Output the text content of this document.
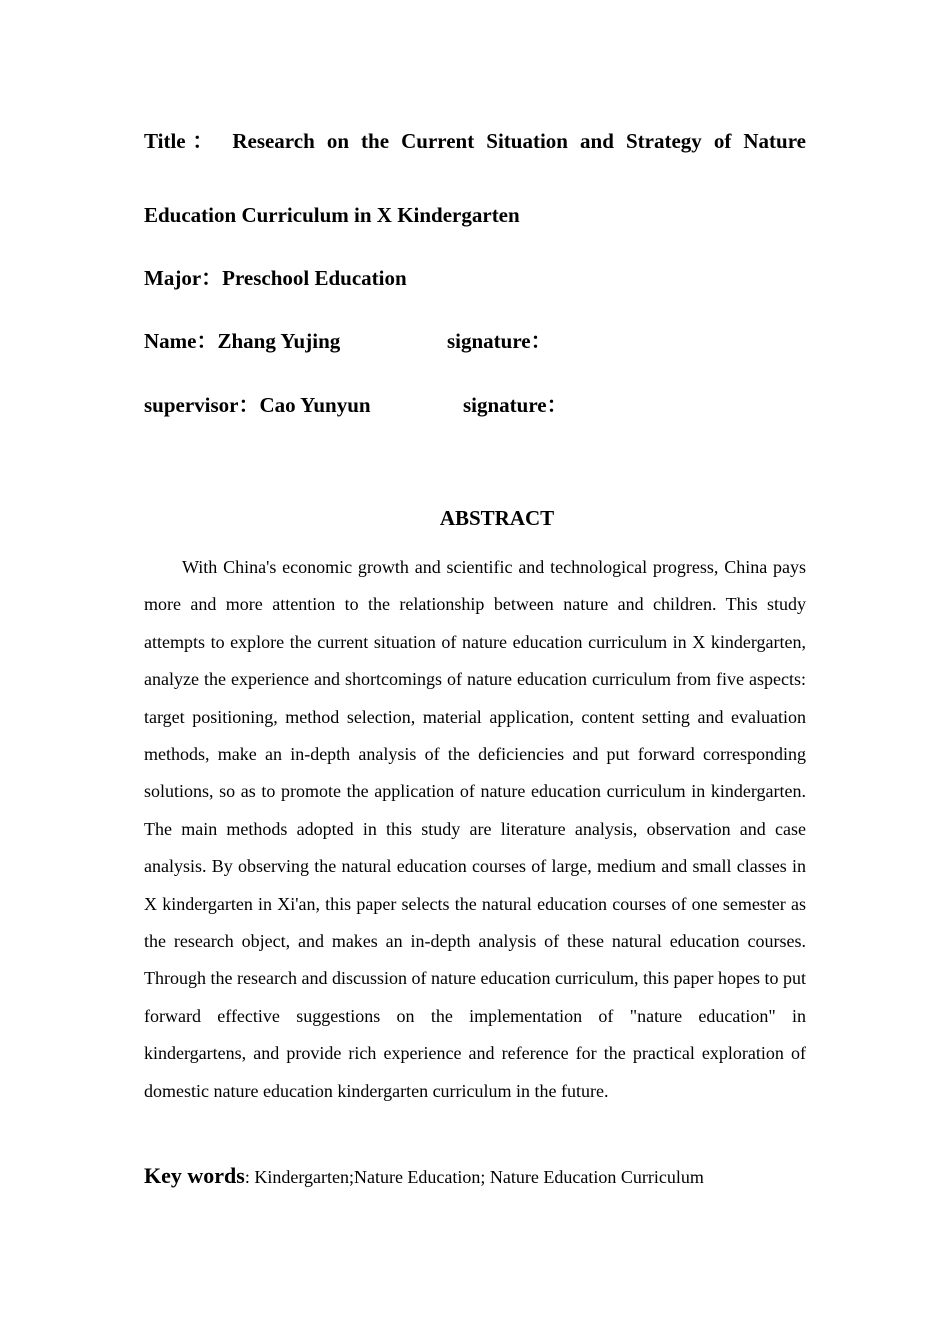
Title： Research on the Current Situation and Strategy of Nature
Education Curriculum in X Kindergarten
Major：Preschool Education
Name：Zhang Yujing	signature：
supervisor：Cao Yunyun	signature：
ABSTRACT

With China's economic growth and scientific and technological progress, China pays more and more attention to the relationship between nature and children. This study attempts to explore the current situation of nature education curriculum in X kindergarten, analyze the experience and shortcomings of nature education curriculum from five aspects: target positioning, method selection, material application, content setting and evaluation methods, make an in-depth analysis of the deficiencies and put forward corresponding solutions, so as to promote the application of nature education curriculum in kindergarten. The main methods adopted in this study are literature analysis, observation and case analysis. By observing the natural education courses of large, medium and small classes in X kindergarten in Xi'an, this paper selects the natural education courses of one semester as the research object, and makes an in-depth analysis of these natural education courses. Through the research and discussion of nature education curriculum, this paper hopes to put forward effective suggestions on the implementation of "nature education" in kindergartens, and provide rich experience and reference for the practical exploration of domestic nature education kindergarten curriculum in the future.

Key words: Kindergarten;Nature Education; Nature Education Curriculum
